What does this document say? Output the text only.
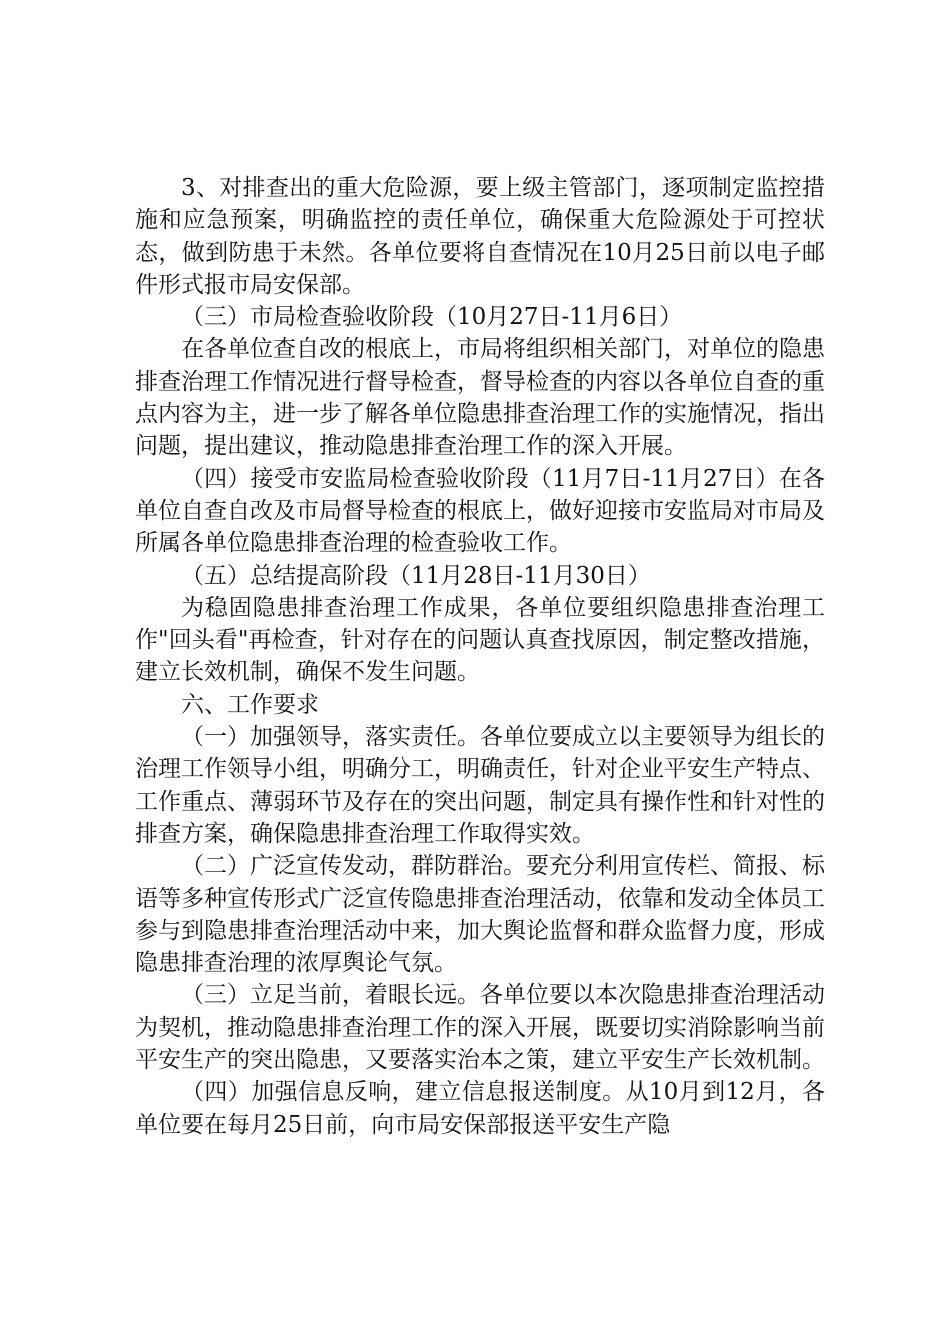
3、对排查出的重大危险源，要上级主管部门，逐项制定监控措施和应急预案，明确监控的责任单位，确保重大危险源处于可控状态，做到防患于未然。各单位要将自查情况在10月25日前以电子邮件形式报市局安保部。

（三）市局检查验收阶段（10月27日-11月6日）

在各单位查自改的根底上，市局将组织相关部门，对单位的隐患排查治理工作情况进行督导检查，督导检查的内容以各单位自查的重点内容为主，进一步了解各单位隐患排查治理工作的实施情况，指出问题，提出建议，推动隐患排查治理工作的深入开展。

（四）接受市安监局检查验收阶段（11月7日-11月27日）在各单位自查自改及市局督导检查的根底上，做好迎接市安监局对市局及所属各单位隐患排查治理的检查验收工作。

（五）总结提高阶段（11月28日-11月30日）

为稳固隐患排查治理工作成果，各单位要组织隐患排查治理工作"回头看"再检查，针对存在的问题认真查找原因，制定整改措施，建立长效机制，确保不发生问题。

六、工作要求

（一）加强领导，落实责任。各单位要成立以主要领导为组长的治理工作领导小组，明确分工，明确责任，针对企业平安生产特点、工作重点、薄弱环节及存在的突出问题，制定具有操作性和针对性的排查方案，确保隐患排查治理工作取得实效。

（二）广泛宣传发动，群防群治。要充分利用宣传栏、简报、标语等多种宣传形式广泛宣传隐患排查治理活动，依靠和发动全体员工参与到隐患排查治理活动中来，加大舆论监督和群众监督力度，形成隐患排查治理的浓厚舆论气氛。

（三）立足当前，着眼长远。各单位要以本次隐患排查治理活动为契机，推动隐患排查治理工作的深入开展，既要切实消除影响当前平安生产的突出隐患，又要落实治本之策，建立平安生产长效机制。

（四）加强信息反响，建立信息报送制度。从10月到12月，各单位要在每月25日前，向市局安保部报送平安生产隐
